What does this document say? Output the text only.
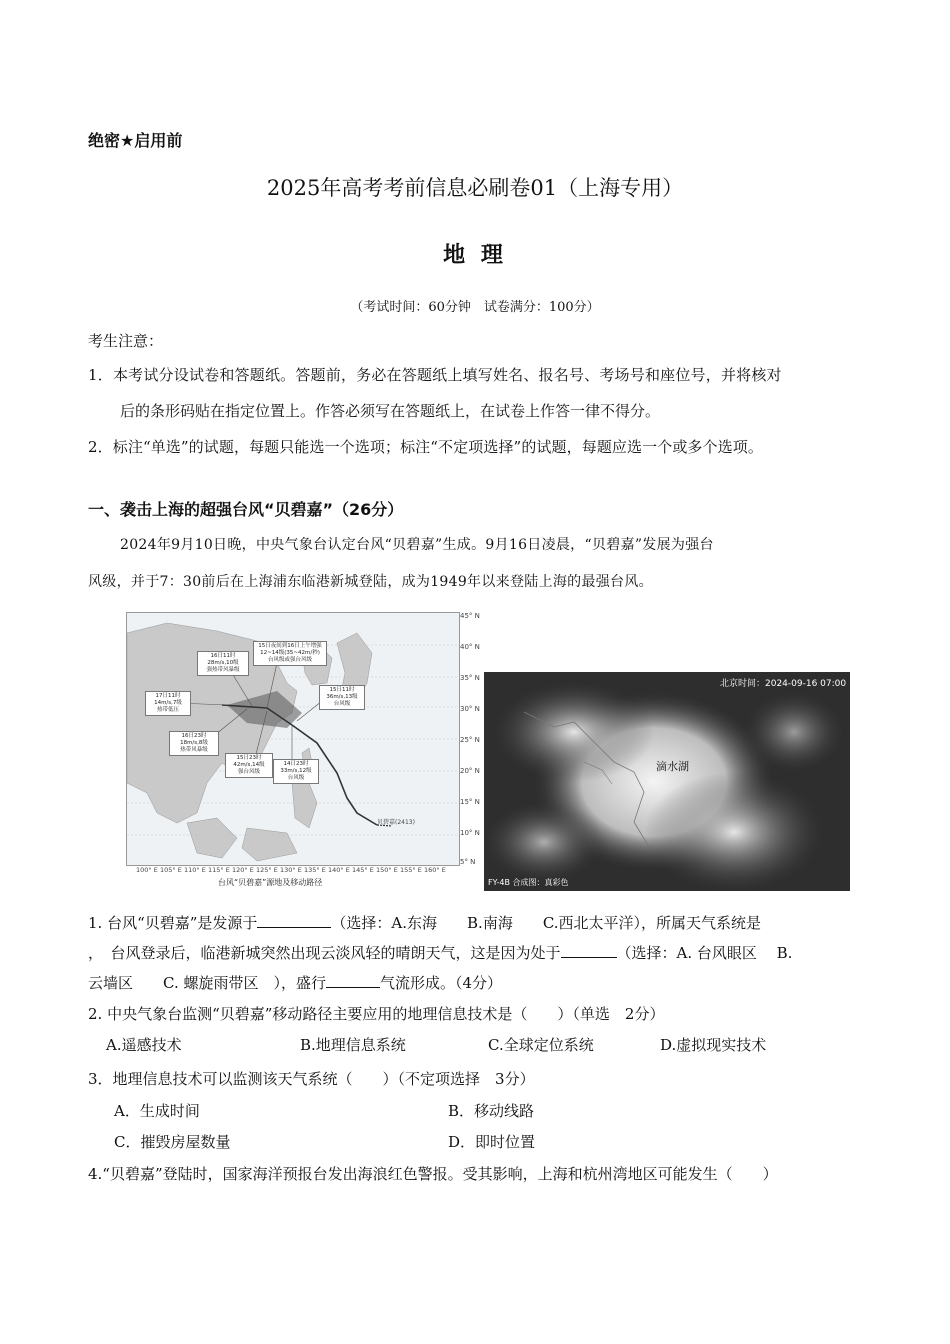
绝密★启用前
2025年高考考前信息必刷卷01（上海专用）
地 理
（考试时间：60分钟　试卷满分：100分）
考生注意：
1．本考试分设试卷和答题纸。答题前，务必在答题纸上填写姓名、报名号、考场号和座位号，并将核对
后的条形码贴在指定位置上。作答必须写在答题纸上，在试卷上作答一律不得分。
2．标注“单选”的试题，每题只能选一个选项；标注“不定项选择”的试题，每题应选一个或多个选项。
一、袭击上海的超强台风“贝碧嘉”（26分）
2024年9月10日晚，中央气象台认定台风“贝碧嘉”生成。9月16日凌晨，“贝碧嘉”发展为强台
风级，并于7：30前后在上海浦东临港新城登陆，成为1949年以来登陆上海的最强台风。
15日夜间到16日上午增强
12~14级(35~42m/秒)
台风级或强台风级
16日11时
28m/s,10级
强热带风暴级
17日11时
14m/s,7级
热带低压
16日23时
18m/s,8级
热带风暴级
15日23时
42m/s,14级
强台风级
14日23时
33m/s,12级
台风级
15日11时
36m/s,13级
台风级
贝碧嘉(2413)
45° N
40° N
35° N
30° N
25° N
20° N
15° N
10° N
5° N
100° E 105° E 110° E 115° E 120° E 125° E 130° E 135° E 140° E 145° E 150° E 155° E 160° E
台风“贝碧嘉”源地及移动路径
北京时间：2024-09-16 07:00
滴水湖
FY-4B 合成图：真彩色
1. 台风“贝碧嘉”是发源于	（选择：A.东海　　B.南海　　C.西北太平洋），所属天气系统是
，　台风登录后，临港新城突然出现云淡风轻的晴朗天气，这是因为处于	（选择：A. 台风眼区　 B.
云墙区　　C. 螺旋雨带区　），盛行	气流形成。（4分）
2. 中央气象台监测“贝碧嘉”移动路径主要应用的地理信息技术是（　　）（单选　2分）
A.遥感技术	B.地理信息系统	C.全球定位系统	D.虚拟现实技术
3．地理信息技术可以监测该天气系统（　　）（不定项选择　3分）
A．生成时间	B．移动线路
C．摧毁房屋数量	D．即时位置
4.“贝碧嘉”登陆时，国家海洋预报台发出海浪红色警报。受其影响，上海和杭州湾地区可能发生（　　）
